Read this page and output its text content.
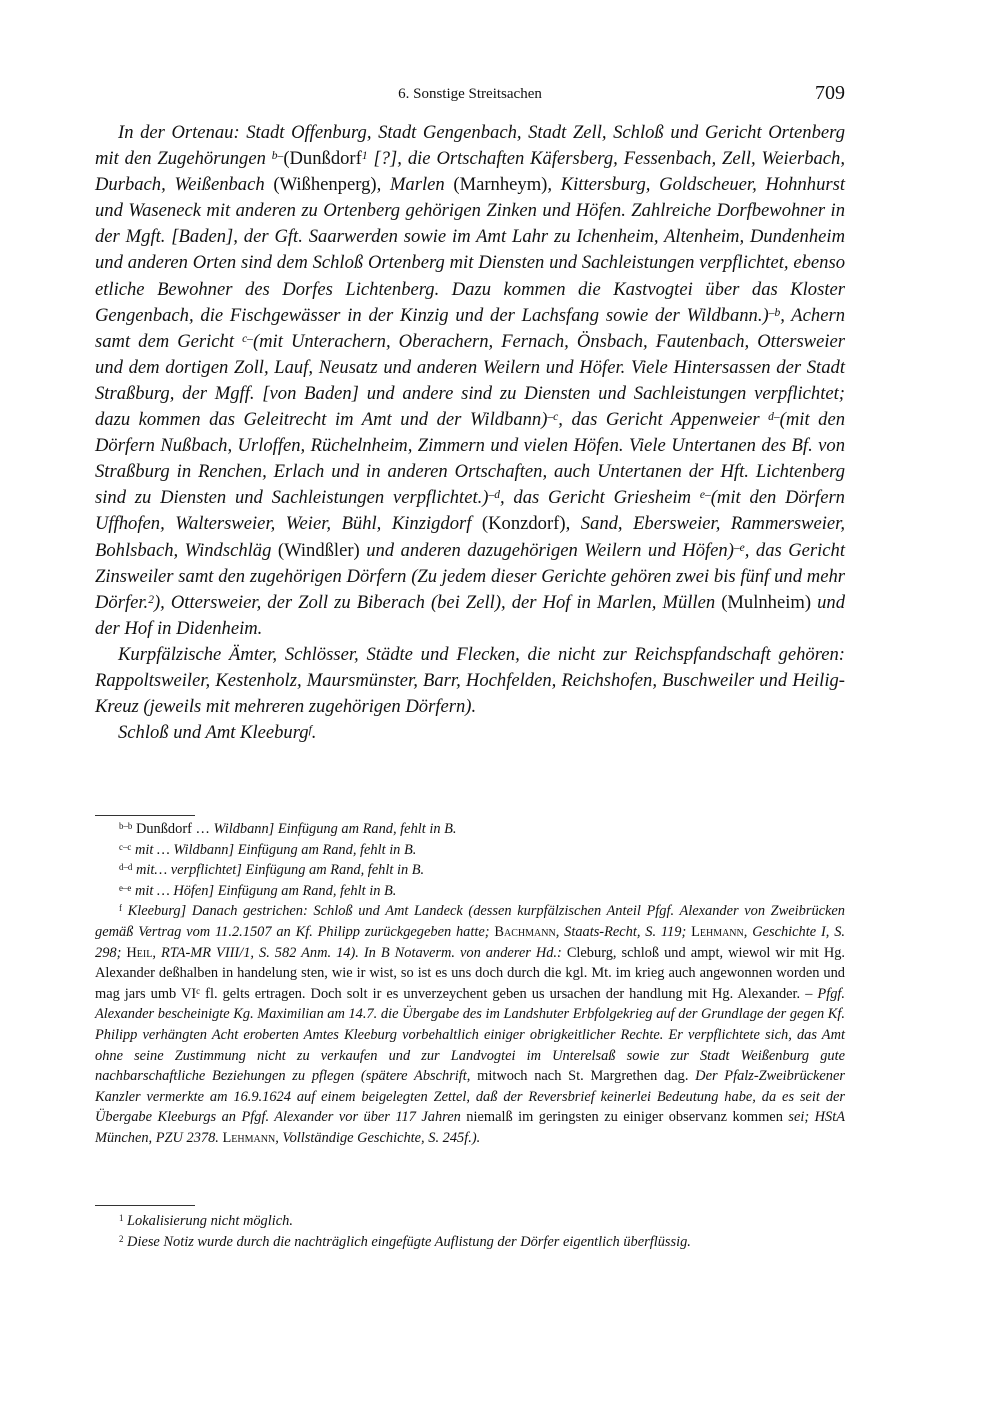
6. Sonstige Streitsachen	709

In der Ortenau: Stadt Offenburg, Stadt Gengenbach, Stadt Zell, Schloß und Gericht Ortenberg mit den Zugehörungen $^{b-}$(Dunßdorf$^1$ [?], die Ortschaften Käfersberg, Fessenbach, Zell, Weierbach, Durbach, Weißenbach (Wißhenperg), Marlen (Marnheym), Kittersburg, Goldscheuer, Hohnhurst und Waseneck mit anderen zu Ortenberg gehörigen Zinken und Höfen. Zahlreiche Dorfbewohner in der Mgft. [Baden], der Gft. Saarwerden sowie im Amt Lahr zu Ichenheim, Altenheim, Dundenheim und anderen Orten sind dem Schloß Ortenberg mit Diensten und Sachleistungen verpflichtet, ebenso etliche Bewohner des Dorfes Lichtenberg. Dazu kommen die Kastvogtei über das Kloster Gengenbach, die Fischgewässer in der Kinzig und der Lachsfang sowie der Wildbann.)$^{-b}$, Achern samt dem Gericht $^{c-}$(mit Unterachern, Oberachern, Fernach, Önsbach, Fautenbach, Ottersweier und dem dortigen Zoll, Lauf, Neusatz und anderen Weilern und Höfer. Viele Hintersassen der Stadt Straßburg, der Mgff. [von Baden] und andere sind zu Diensten und Sachleistungen verpflichtet; dazu kommen das Geleitrecht im Amt und der Wildbann)$^{-c}$, das Gericht Appenweier $^{d-}$(mit den Dörfern Nußbach, Urloffen, Rüchelnheim, Zimmern und vielen Höfen. Viele Untertanen des Bf. von Straßburg in Renchen, Erlach und in anderen Ortschaften, auch Untertanen der Hft. Lichtenberg sind zu Diensten und Sachleistungen verpflichtet.)$^{-d}$, das Gericht Griesheim $^{e-}$(mit den Dörfern Uffhofen, Waltersweier, Weier, Bühl, Kinzigdorf (Konzdorf), Sand, Ebersweier, Rammersweier, Bohlsbach, Windschläg (Windßler) und anderen dazugehörigen Weilern und Höfen)$^{-e}$, das Gericht Zinsweiler samt den zugehörigen Dörfern (Zu jedem dieser Gerichte gehören zwei bis fünf und mehr Dörfer.$^2$), Ottersweier, der Zoll zu Biberach (bei Zell), der Hof in Marlen, Müllen (Mulnheim) und der Hof in Didenheim.

Kurpfälzische Ämter, Schlösser, Städte und Flecken, die nicht zur Reichspfandschaft gehören: Rappoltsweiler, Kestenholz, Maursmünster, Barr, Hochfelden, Reichshofen, Buschweiler und Heilig-Kreuz (jeweils mit mehreren zugehörigen Dörfern).

Schloß und Amt Kleeburg$^f$.

$^{b-b}$ Dunßdorf … Wildbann] Einfügung am Rand, fehlt in B.

$^{c-c}$ mit … Wildbann] Einfügung am Rand, fehlt in B.

$^{d-d}$ mit… verpflichtet] Einfügung am Rand, fehlt in B.

$^{e-e}$ mit … Höfen] Einfügung am Rand, fehlt in B.

$^f$ Kleeburg] Danach gestrichen: Schloß und Amt Landeck (dessen kurpfälzischen Anteil Pfgf. Alexander von Zweibrücken gemäß Vertrag vom 11.2.1507 an Kf. Philipp zurückgegeben hatte; Bachmann, Staats-Recht, S. 119; Lehmann, Geschichte I, S. 298; Heil, RTA-MR VIII/1, S. 582 Anm. 14). In B Notaverm. von anderer Hd.: Cleburg, schloß und ampt, wiewol wir mit Hg. Alexander deßhalben in handelung sten, wie ir wist, so ist es uns doch durch die kgl. Mt. im krieg auch angewonnen worden und mag jars umb $VI^c$ fl. gelts ertragen. Doch solt ir es unverzeychent geben us ursachen der handlung mit Hg. Alexander. – Pfgf. Alexander bescheinigte Kg. Maximilian am 14.7. die Übergabe des im Landshuter Erbfolgekrieg auf der Grundlage der gegen Kf. Philipp verhängten Acht eroberten Amtes Kleeburg vorbehaltlich einiger obrigkeitlicher Rechte. Er verpflichtete sich, das Amt ohne seine Zustimmung nicht zu verkaufen und zur Landvogtei im Unterelsaß sowie zur Stadt Weißenburg gute nachbarschaftliche Beziehungen zu pflegen (spätere Abschrift, mitwoch nach St. Margrethen dag. Der Pfalz-Zweibrückener Kanzler vermerkte am 16.9.1624 auf einem beigelegten Zettel, daß der Reversbrief keinerlei Bedeutung habe, da es seit der Übergabe Kleeburgs an Pfgf. Alexander vor über 117 Jahren niemalß im geringsten zu einiger observanz kommen sei; HStA München, PZU 2378. Lehmann, Vollständige Geschichte, S. 245f.).

$^1$ Lokalisierung nicht möglich.

$^2$ Diese Notiz wurde durch die nachträglich eingefügte Auflistung der Dörfer eigentlich überflüssig.
